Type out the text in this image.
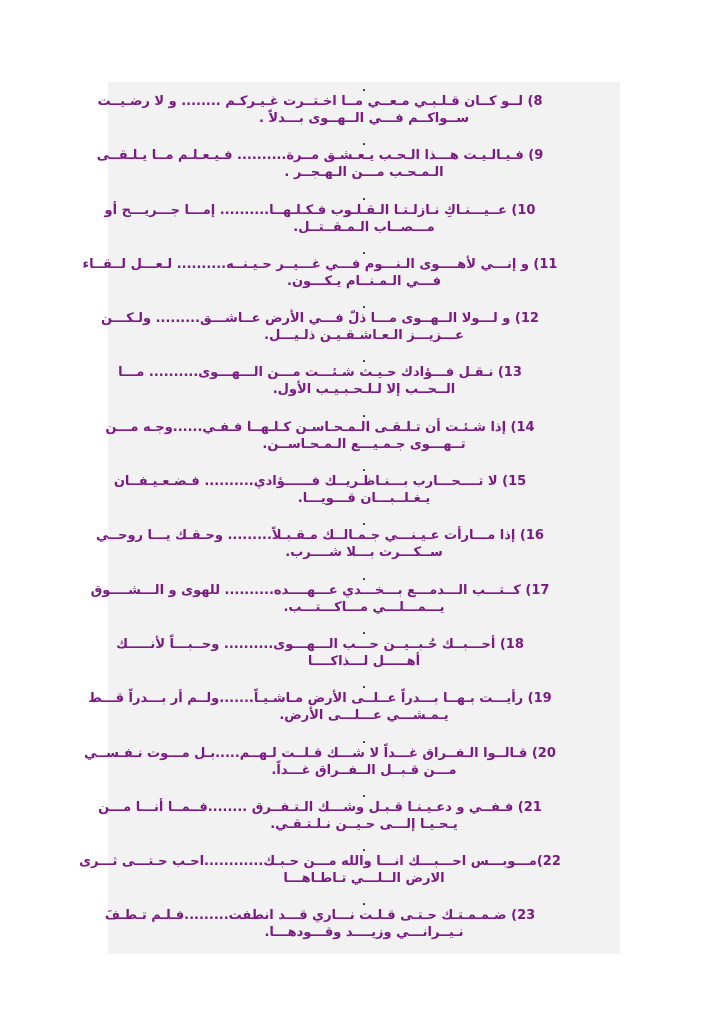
.
8) لــو كــان قـلـبـي مـعــي مــا اخـتــرت غـيـركـم ........ و لا رضـيــت
ســواكــم فـــي الــهــوى بـــدلاً .
.
9) فـيـالـيـت هـــذا الـحـب يـعـشـق مــرة.......... فـيـعـلـم مــا يـلـقــى
الـمـحـب مـــن الـهـجــر .
.
10) عــيـــنـاكِ نـازلـتـا الـقـلـوب فـكـلـهــا.......... إمـــا جـــريـــح أو
مـــصــاب الـمـقــتــل.
.
11) و إنـــي لأهــــوى الـنـــوم فـــي غـــيــر حـيـنــه.......... لـعـــل لــقــاء
فـــي الـمـنــام يـكـــون.
.
12) و لـــولا الــهــوى مـــا ذلّ فـــي الأرض عــاشـــق......... ولـكـــن
عـــزيـــز الـعـاشـقـيـن ذلـيـــل.
.
13) نـقـل فـــؤادك حـيـث شـئـــت مـــن الـــهـــوى.......... مـــا
الــحــب إلا لـلـحـبـيـب الأول.
.
14) إذا شـئـت أن تـلـقـى الـمـحـاسـن كـلـهــا فـفـي......وجـه مـــن
تــهـــوى جـمـيـــع الـمـحـاســن.
.
15) لا تــــحـــارب بـــنـاظـريــك فــــــؤادي.......... فـضـعـيـفــان
يـغـلــبـــان قـــويـــا.
.
16) إذا مـــارأت عـيـنـــي جـمـالــك مـقـبـلاً......... وحـقـك يـــا روحــي
ســكـــرت بـــلا شــــرب.
.
17) كــتـــب الـــدمـــع بـــخـــدي عـــهــــده.......... للهوى و الـــشــــوق
يـــمـــلـــي مـــاكـــتـــب.
.
18) أحـــبــك حُـبــيــن حـــب الـــهـــوى.......... وحــبـــاً لأنـــــك
أهـــــل لـــذاكــــا
.
19) رأيـــت بـهــا بـــدراً عــلــى الأرض مـاشـيـاً.......ولــم أر بـــدراً قـــط
يـمـشـــي عـــلـــى الأرض.
.
20) قـالــوا الـفــراق غـــداً لا شـــك قـلــت لـهــم.....بـل مـــوت نـفـســي
مـــن قـبــل الــفــراق غـــداً.
.
21) فـفــي و دعـيـنـا قـبـل وشـــك الـتـفــرق ........فــمــا أنـــا مـــن
يـحـيـا إلـــى حـيــن نـلـتـقـي.
.
22)مـــوبـــس احـــبـــك انـــا والله مـــن حـبـك............احـب حـتـــى ثـــرى
الارض الــلـــي تـاطـاهـــا
.
23) ضـمـمـتـك حـتـى قـلـت نـــاري قـــد انطفت.........فـلـم تـطـفَ
نـيــرانـــي وزيــــد وقـــودهـــا.
